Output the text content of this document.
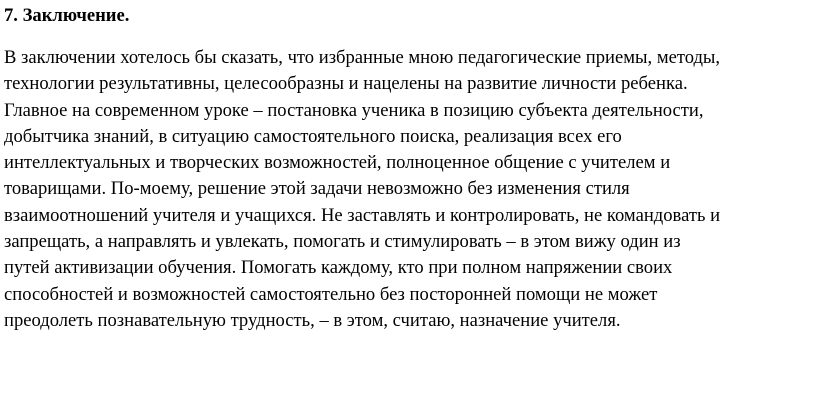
7. Заключение.
В заключении хотелось бы сказать, что избранные мною педагогические приемы, методы,
технологии результативны, целесообразны и нацелены на развитие личности ребенка.
Главное на современном уроке – постановка ученика в позицию субъекта деятельности,
добытчика знаний, в ситуацию самостоятельного поиска, реализация всех его
интеллектуальных и творческих возможностей, полноценное общение с учителем и
товарищами. По-моему, решение этой задачи невозможно без изменения стиля
взаимоотношений учителя и учащихся. Не заставлять и контролировать, не командовать и
запрещать, а направлять и увлекать, помогать и стимулировать – в этом вижу один из
путей активизации обучения. Помогать каждому, кто при полном напряжении своих
способностей и возможностей самостоятельно без посторонней помощи не может
преодолеть познавательную трудность, – в этом, считаю, назначение учителя.
